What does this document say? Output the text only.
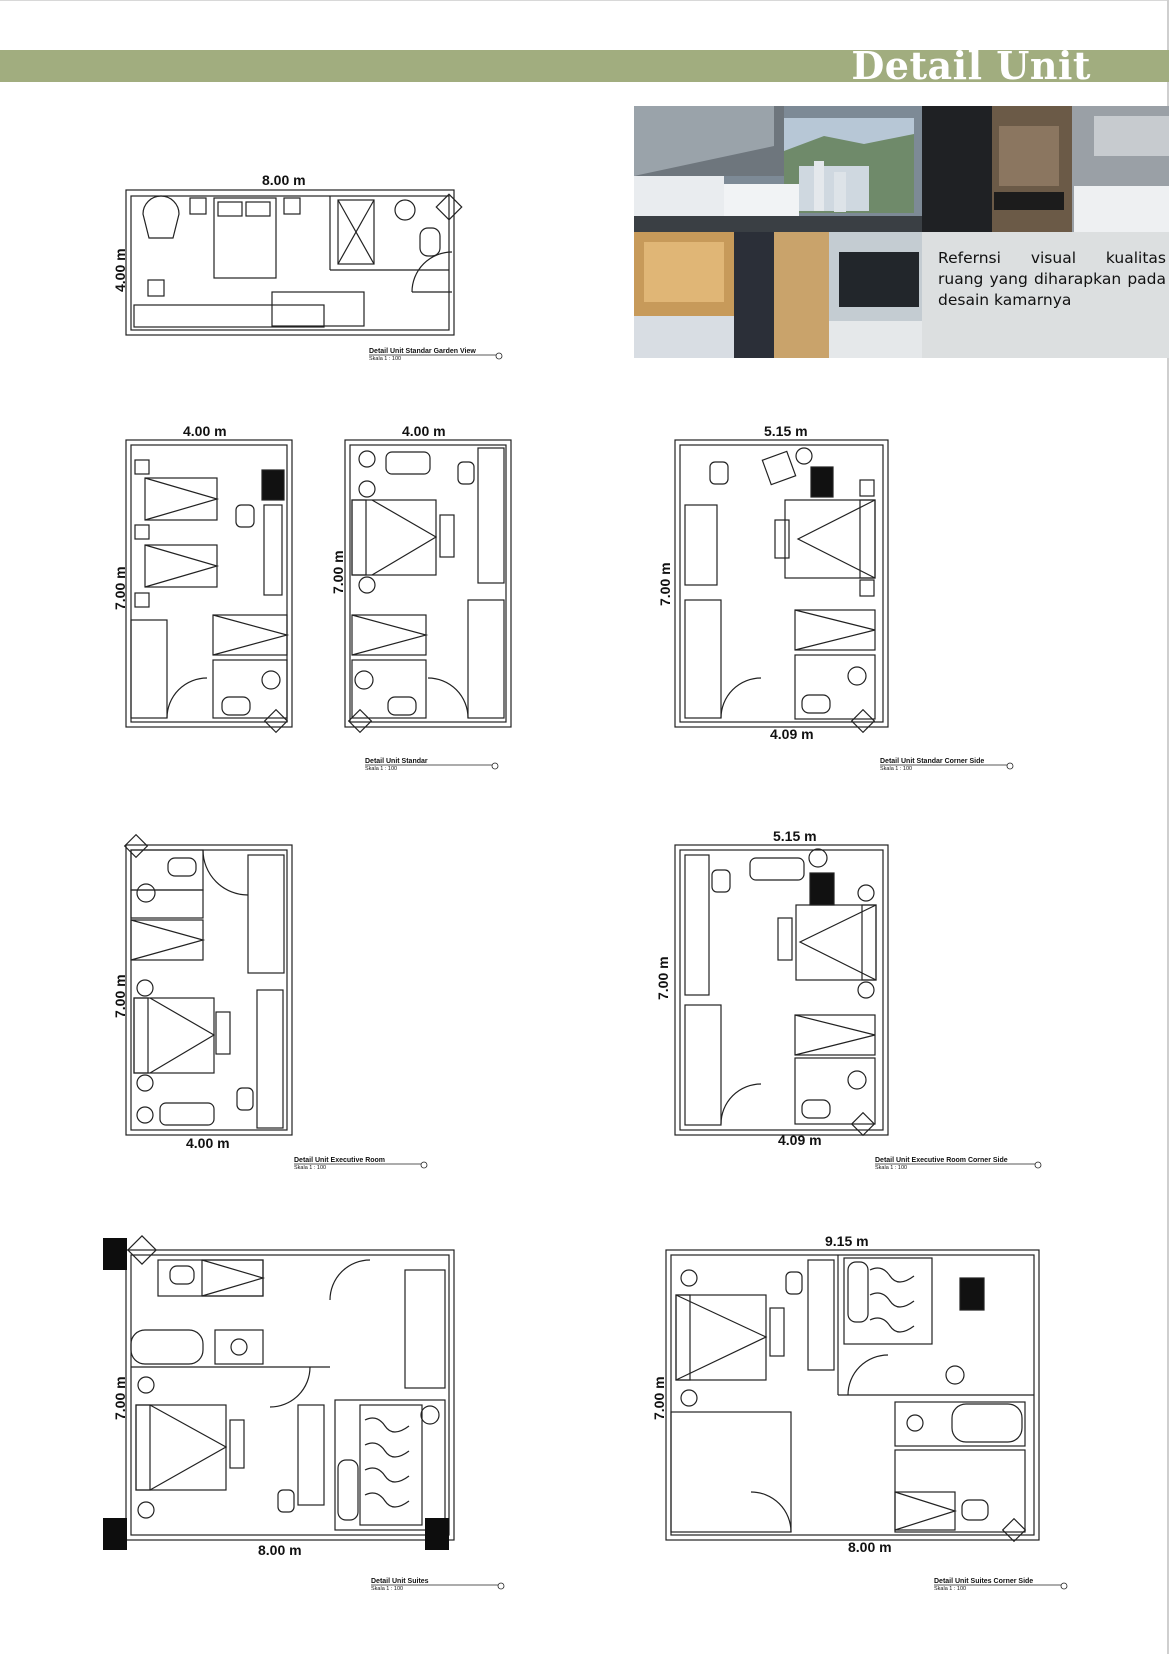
Detail Unit
Refernsi visual kualitas ruang yang diharapkan pada desain kamarnya
8.00 m
4.00 m
4.00 m
7.00 m
4.00 m
7.00 m
5.15 m
7.00 m
4.09 m
7.00 m
4.00 m
5.15 m
7.00 m
4.09 m
7.00 m
8.00 m
9.15 m
7.00 m
8.00 m
Detail Unit Standar Garden View
Skala 1 : 100
Detail Unit Standar
Skala 1 : 100
Detail Unit Standar Corner Side
Skala 1 : 100
Detail Unit Executive Room
Skala 1 : 100
Detail Unit Executive Room Corner Side
Skala 1 : 100
Detail Unit Suites
Skala 1 : 100
Detail Unit Suites Corner Side
Skala 1 : 100
